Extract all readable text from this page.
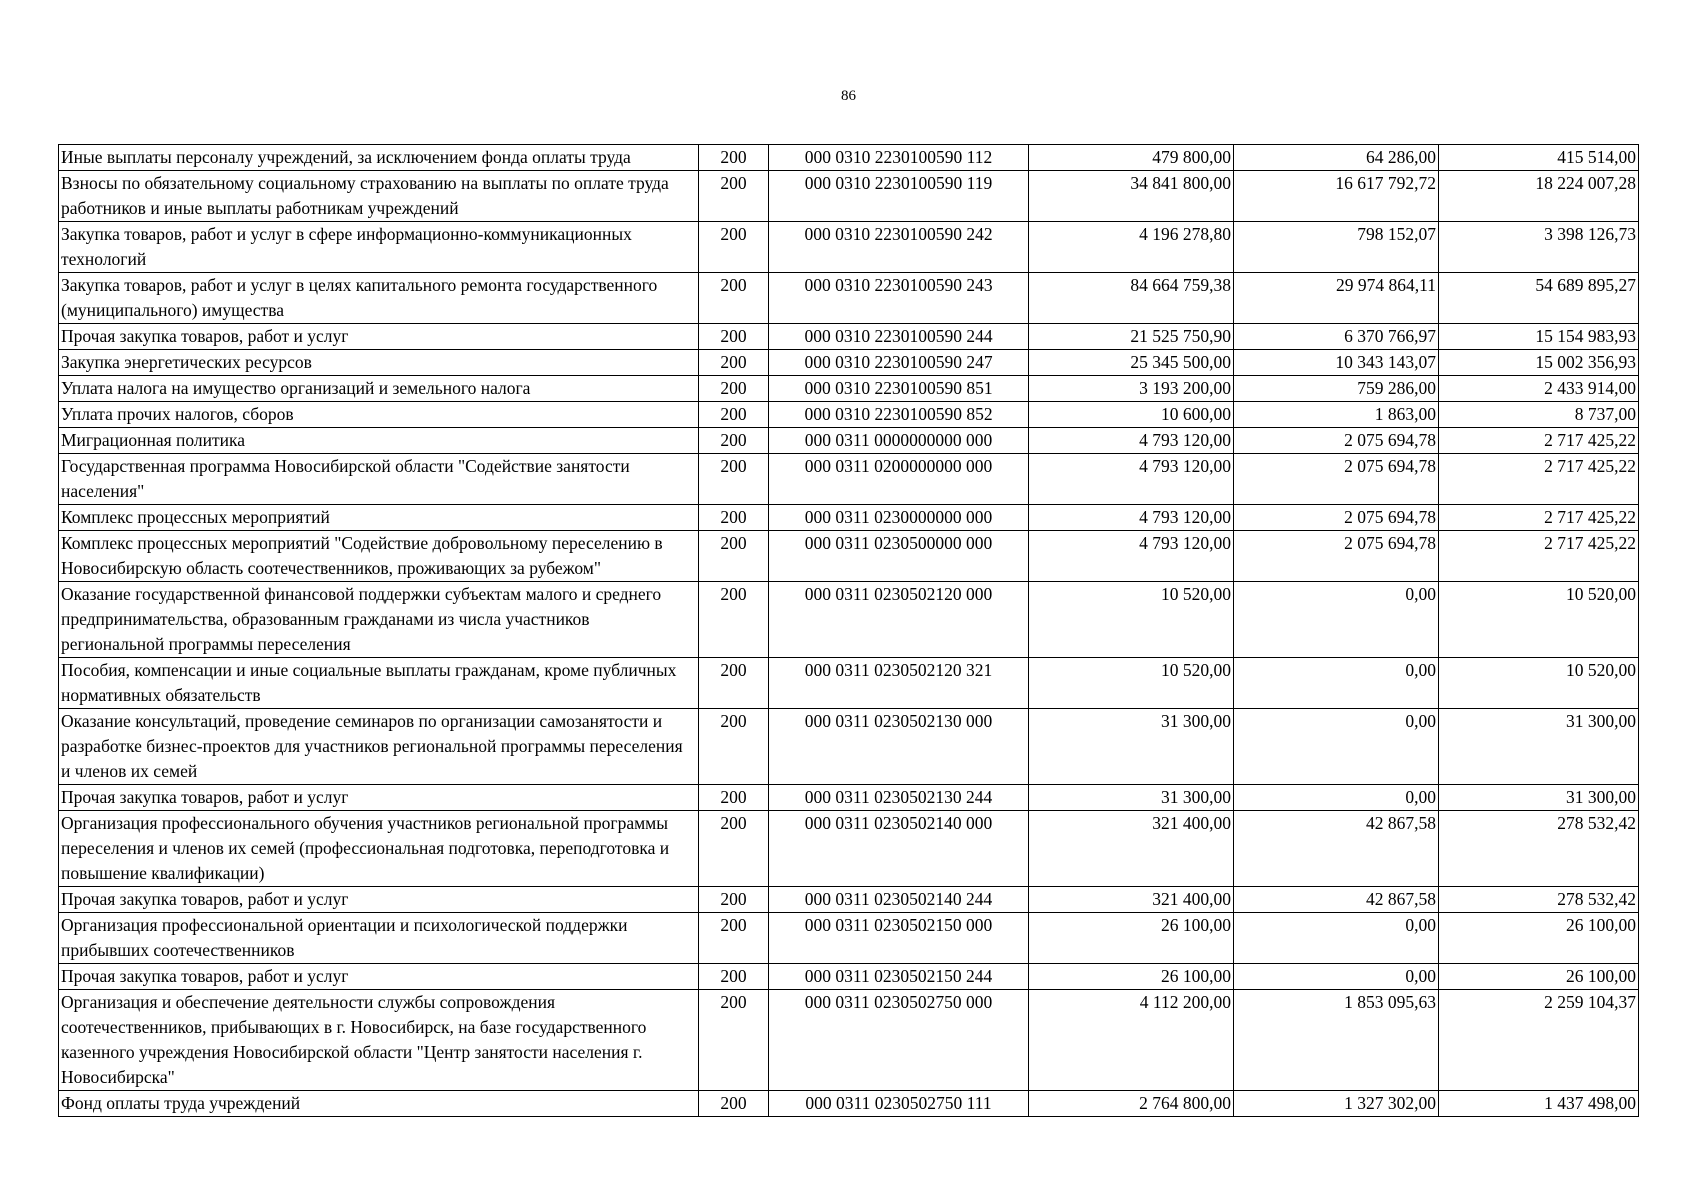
86
Иные выплаты персоналу учреждений, за исключением фонда оплаты труда	200	000 0310 2230100590 112	479 800,00	64 286,00	415 514,00
Взносы по обязательному социальному страхованию на выплаты по оплате труда работников и иные выплаты работникам учреждений	200	000 0310 2230100590 119	34 841 800,00	16 617 792,72	18 224 007,28
Закупка товаров, работ и услуг в сфере информационно-коммуникационных технологий	200	000 0310 2230100590 242	4 196 278,80	798 152,07	3 398 126,73
Закупка товаров, работ и услуг в целях капитального ремонта государственного (муниципального) имущества	200	000 0310 2230100590 243	84 664 759,38	29 974 864,11	54 689 895,27
Прочая закупка товаров, работ и услуг	200	000 0310 2230100590 244	21 525 750,90	6 370 766,97	15 154 983,93
Закупка энергетических ресурсов	200	000 0310 2230100590 247	25 345 500,00	10 343 143,07	15 002 356,93
Уплата налога на имущество организаций и земельного налога	200	000 0310 2230100590 851	3 193 200,00	759 286,00	2 433 914,00
Уплата прочих налогов, сборов	200	000 0310 2230100590 852	10 600,00	1 863,00	8 737,00
Миграционная политика	200	000 0311 0000000000 000	4 793 120,00	2 075 694,78	2 717 425,22
Государственная программа Новосибирской области "Содействие занятости населения"	200	000 0311 0200000000 000	4 793 120,00	2 075 694,78	2 717 425,22
Комплекс процессных мероприятий	200	000 0311 0230000000 000	4 793 120,00	2 075 694,78	2 717 425,22
Комплекс процессных мероприятий "Содействие добровольному переселению в Новосибирскую область соотечественников, проживающих за рубежом"	200	000 0311 0230500000 000	4 793 120,00	2 075 694,78	2 717 425,22
Оказание государственной финансовой поддержки субъектам малого и среднего предпринимательства, образованным гражданами из числа участников региональной программы переселения	200	000 0311 0230502120 000	10 520,00	0,00	10 520,00
Пособия, компенсации и иные социальные выплаты гражданам, кроме публичных нормативных обязательств	200	000 0311 0230502120 321	10 520,00	0,00	10 520,00
Оказание консультаций, проведение семинаров по организации самозанятости и разработке бизнес-проектов для участников региональной программы переселения и членов их семей	200	000 0311 0230502130 000	31 300,00	0,00	31 300,00
Прочая закупка товаров, работ и услуг	200	000 0311 0230502130 244	31 300,00	0,00	31 300,00
Организация профессионального обучения участников региональной программы переселения и членов их семей (профессиональная подготовка, переподготовка и повышение квалификации)	200	000 0311 0230502140 000	321 400,00	42 867,58	278 532,42
Прочая закупка товаров, работ и услуг	200	000 0311 0230502140 244	321 400,00	42 867,58	278 532,42
Организация профессиональной ориентации и психологической поддержки прибывших соотечественников	200	000 0311 0230502150 000	26 100,00	0,00	26 100,00
Прочая закупка товаров, работ и услуг	200	000 0311 0230502150 244	26 100,00	0,00	26 100,00
Организация и обеспечение деятельности службы сопровождения соотечественников, прибывающих в г. Новосибирск, на базе государственного казенного учреждения Новосибирской области "Центр занятости населения г. Новосибирска"	200	000 0311 0230502750 000	4 112 200,00	1 853 095,63	2 259 104,37
Фонд оплаты труда учреждений	200	000 0311 0230502750 111	2 764 800,00	1 327 302,00	1 437 498,00
